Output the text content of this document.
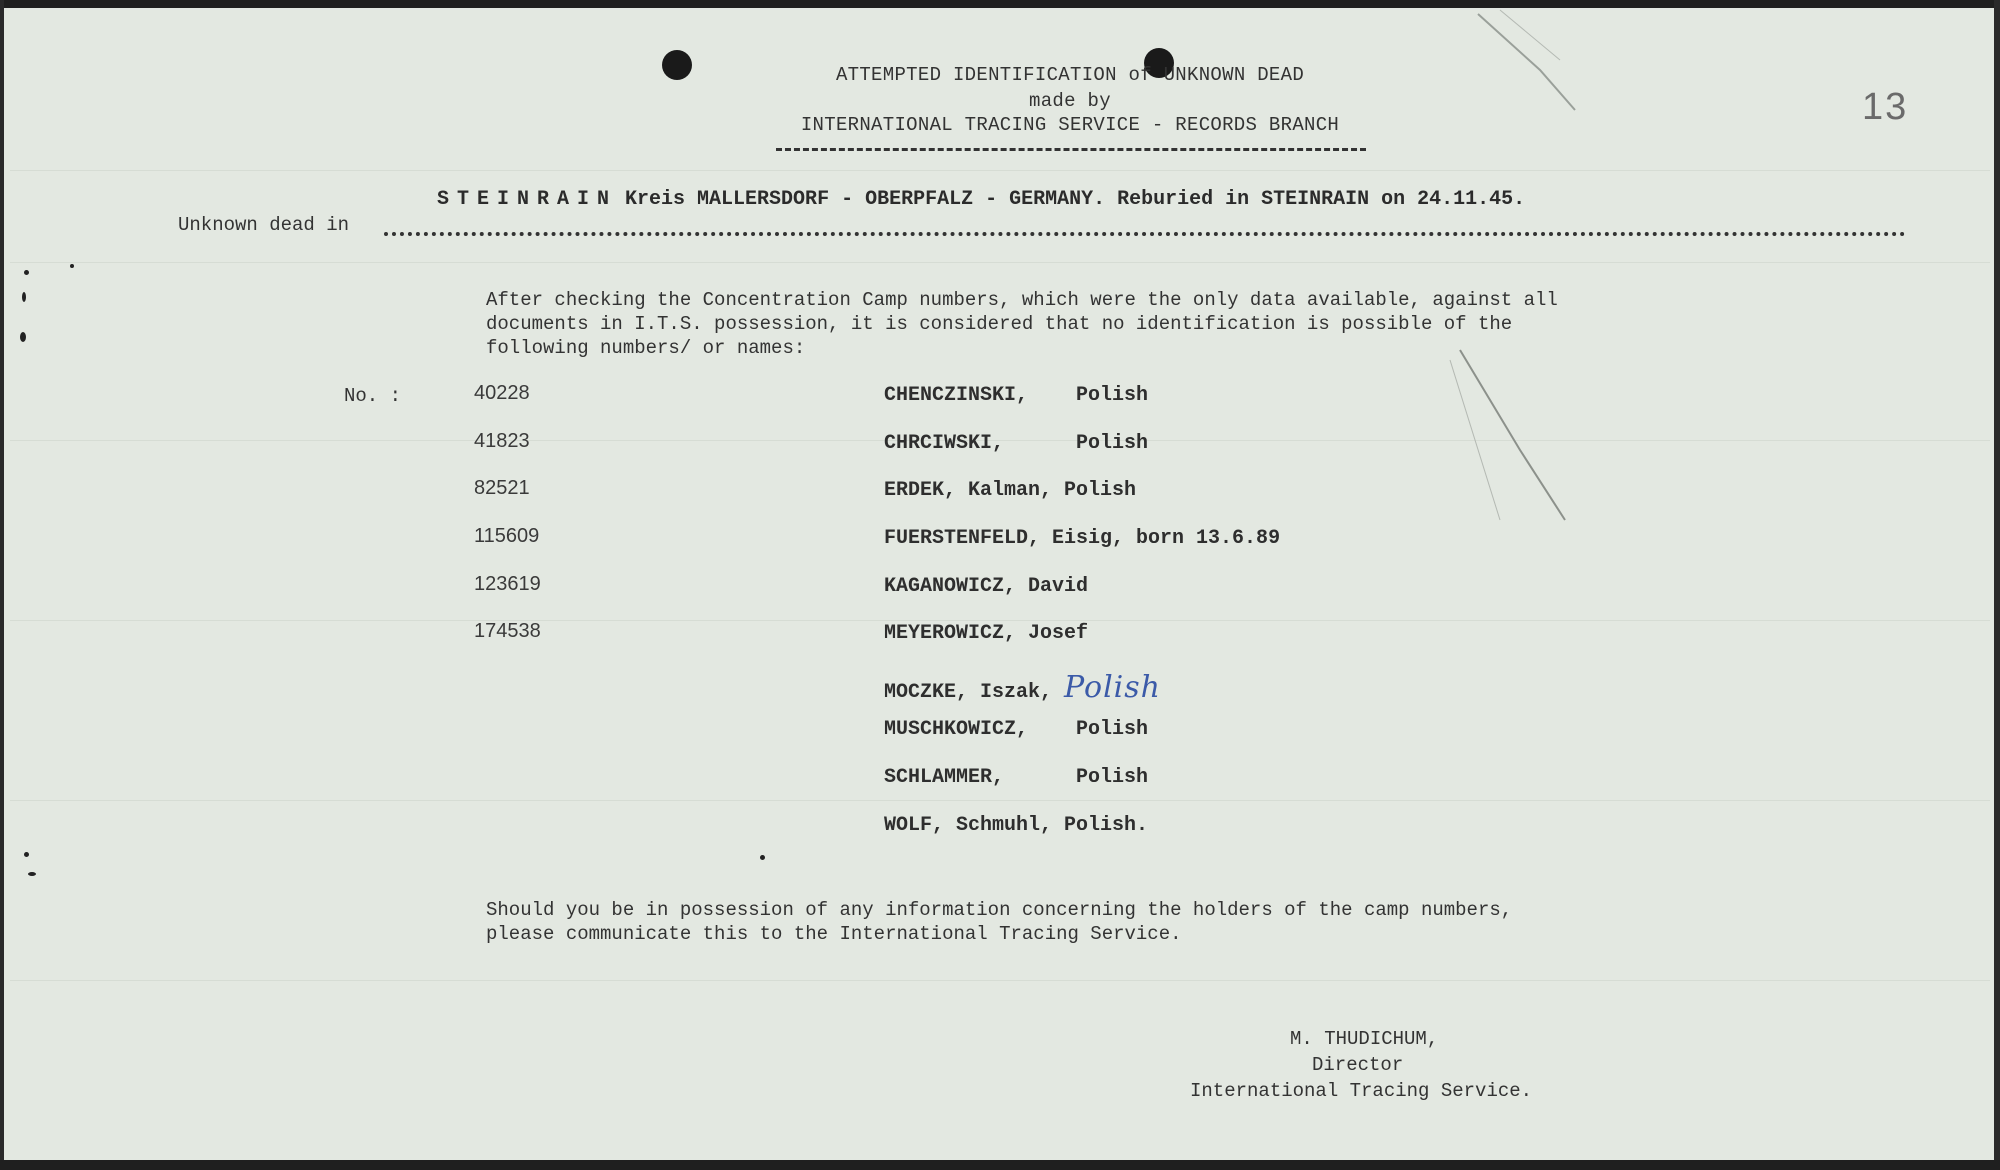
ATTEMPTED IDENTIFICATION of UNKNOWN DEAD
made by
INTERNATIONAL TRACING SERVICE - RECORDS BRANCH	13
STEINRAIN Kreis MALLERSDORF - OBERPFALZ - GERMANY. Reburied in STEINRAIN on 24.11.45.
Unknown dead in
After checking the Concentration Camp numbers, which were the only data available, against all
documents in I.T.S. possession, it is considered that no identification is possible of the
following numbers/ or names:
No. :	40228	CHENCZINSKI, Polish
41823	CHRCIWSKI,	Polish
82521	ERDEK, Kalman, Polish
115609	FUERSTENFELD, Eisig, born 13.6.89
123619	KAGANOWICZ, David
174538	MEYEROWICZ, Josef
MOCZKE, Iszak, Polish
MUSCHKOWICZ, Polish
SCHLAMMER,	Polish
WOLF, Schmuhl, Polish.
Should you be in possession of any information concerning the holders of the camp numbers,
please communicate this to the International Tracing Service.
M. THUDICHUM,
Director
International Tracing Service.
